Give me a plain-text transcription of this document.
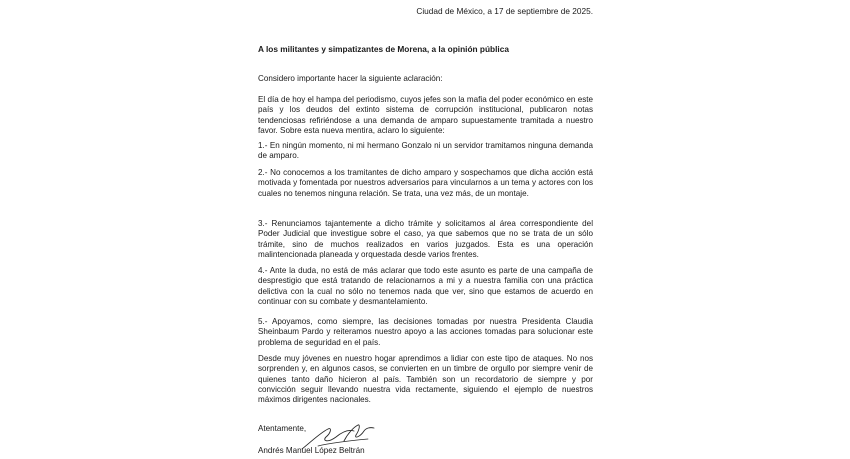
Ciudad de México, a 17 de septiembre de 2025.
A los militantes y simpatizantes de Morena, a la opinión pública
Considero importante hacer la siguiente aclaración:

El día de hoy el hampa del periodismo, cuyos jefes son la mafia del poder económico en este país y los deudos del extinto sistema de corrupción institucional, publicaron notas tendenciosas refiriéndose a una demanda de amparo supuestamente tramitada a nuestro favor. Sobre esta nueva mentira, aclaro lo siguiente:

1.- En ningún momento, ni mi hermano Gonzalo ni un servidor tramitamos ninguna demanda de amparo.

2.- No conocemos a los tramitantes de dicho amparo y sospechamos que dicha acción está motivada y fomentada por nuestros adversarios para vincularnos a un tema y actores con los cuales no tenemos ninguna relación. Se trata, una vez más, de un montaje.

3.- Renunciamos tajantemente a dicho trámite y solicitamos al área correspondiente del Poder Judicial que investigue sobre el caso, ya que sabemos que no se trata de un sólo trámite, sino de muchos realizados en varios juzgados. Esta es una operación malintencionada planeada y orquestada desde varios frentes.

4.- Ante la duda, no está de más aclarar que todo este asunto es parte de una campaña de desprestigio que está tratando de relacionarnos a mi y a nuestra familia con una práctica delictiva con la cual no sólo no tenemos nada que ver, sino que estamos de acuerdo en continuar con su combate y desmantelamiento.

5.- Apoyamos, como siempre, las decisiones tomadas por nuestra Presidenta Claudia Sheinbaum Pardo y reiteramos nuestro apoyo a las acciones tomadas para solucionar este problema de seguridad en el país.

Desde muy jóvenes en nuestro hogar aprendimos a lidiar con este tipo de ataques. No nos sorprenden y, en algunos casos, se convierten en un timbre de orgullo por siempre venir de quienes tanto daño hicieron al país. También son un recordatorio de siempre y por convicción seguir llevando nuestra vida rectamente, siguiendo el ejemplo de nuestros máximos dirigentes nacionales.

Atentamente,
Andrés Manuel López Beltrán
